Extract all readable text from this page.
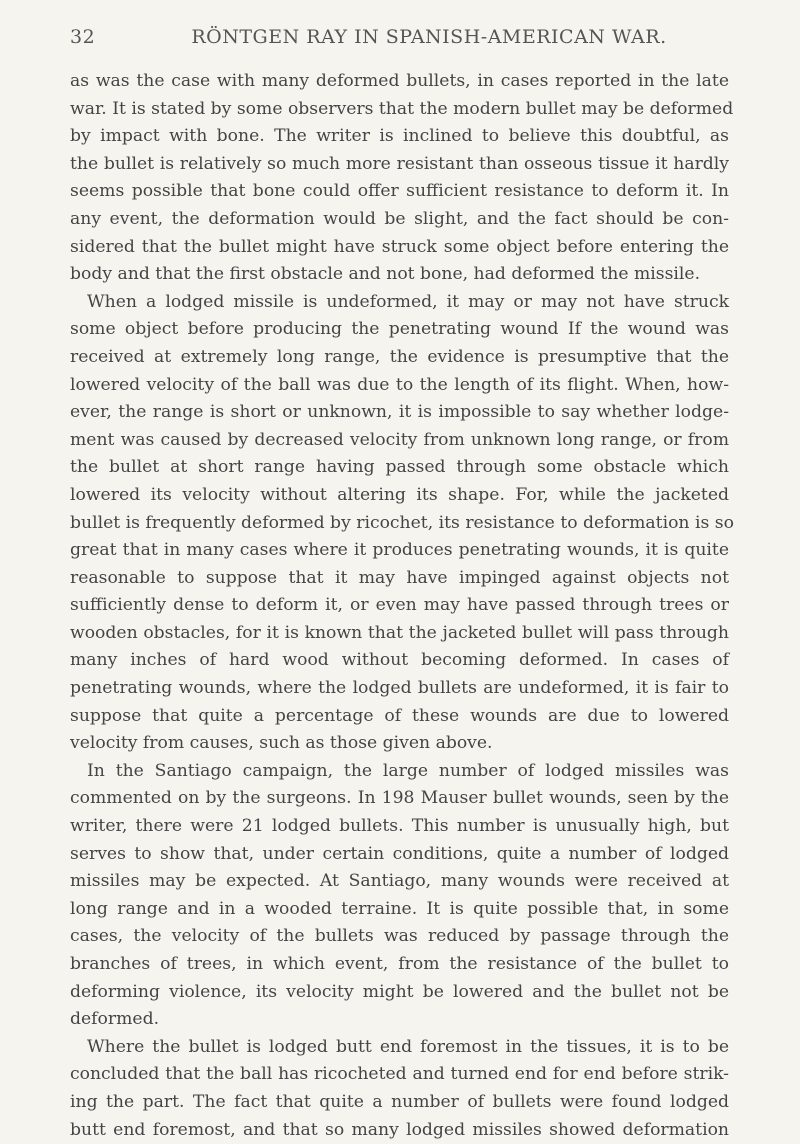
32	RÖNTGEN RAY IN SPANISH-AMERICAN WAR.
as was the case with many deformed bullets, in cases reported in the late
war. It is stated by some observers that the modern bullet may be deformed
by impact with bone. The writer is inclined to believe this doubtful, as
the bullet is relatively so much more resistant than osseous tissue it hardly
seems possible that bone could offer sufficient resistance to deform it. In
any event, the deformation would be slight, and the fact should be con-
sidered that the bullet might have struck some object before entering the
body and that the first obstacle and not bone, had deformed the missile.
When a lodged missile is undeformed, it may or may not have struck
some object before producing the penetrating wound If the wound was
received at extremely long range, the evidence is presumptive that the
lowered velocity of the ball was due to the length of its flight. When, how-
ever, the range is short or unknown, it is impossible to say whether lodge-
ment was caused by decreased velocity from unknown long range, or from
the bullet at short range having passed through some obstacle which
lowered its velocity without altering its shape. For, while the jacketed
bullet is frequently deformed by ricochet, its resistance to deformation is so
great that in many cases where it produces penetrating wounds, it is quite
reasonable to suppose that it may have impinged against objects not
sufficiently dense to deform it, or even may have passed through trees or
wooden obstacles, for it is known that the jacketed bullet will pass through
many inches of hard wood without becoming deformed. In cases of
penetrating wounds, where the lodged bullets are undeformed, it is fair to
suppose that quite a percentage of these wounds are due to lowered
velocity from causes, such as those given above.
In the Santiago campaign, the large number of lodged missiles was
commented on by the surgeons. In 198 Mauser bullet wounds, seen by the
writer, there were 21 lodged bullets. This number is unusually high, but
serves to show that, under certain conditions, quite a number of lodged
missiles may be expected. At Santiago, many wounds were received at
long range and in a wooded terraine. It is quite possible that, in some
cases, the velocity of the bullets was reduced by passage through the
branches of trees, in which event, from the resistance of the bullet to
deforming violence, its velocity might be lowered and the bullet not be
deformed.
Where the bullet is lodged butt end foremost in the tissues, it is to be
concluded that the ball has ricocheted and turned end for end before strik-
ing the part. The fact that quite a number of bullets were found lodged
butt end foremost, and that so many lodged missiles showed deformation
